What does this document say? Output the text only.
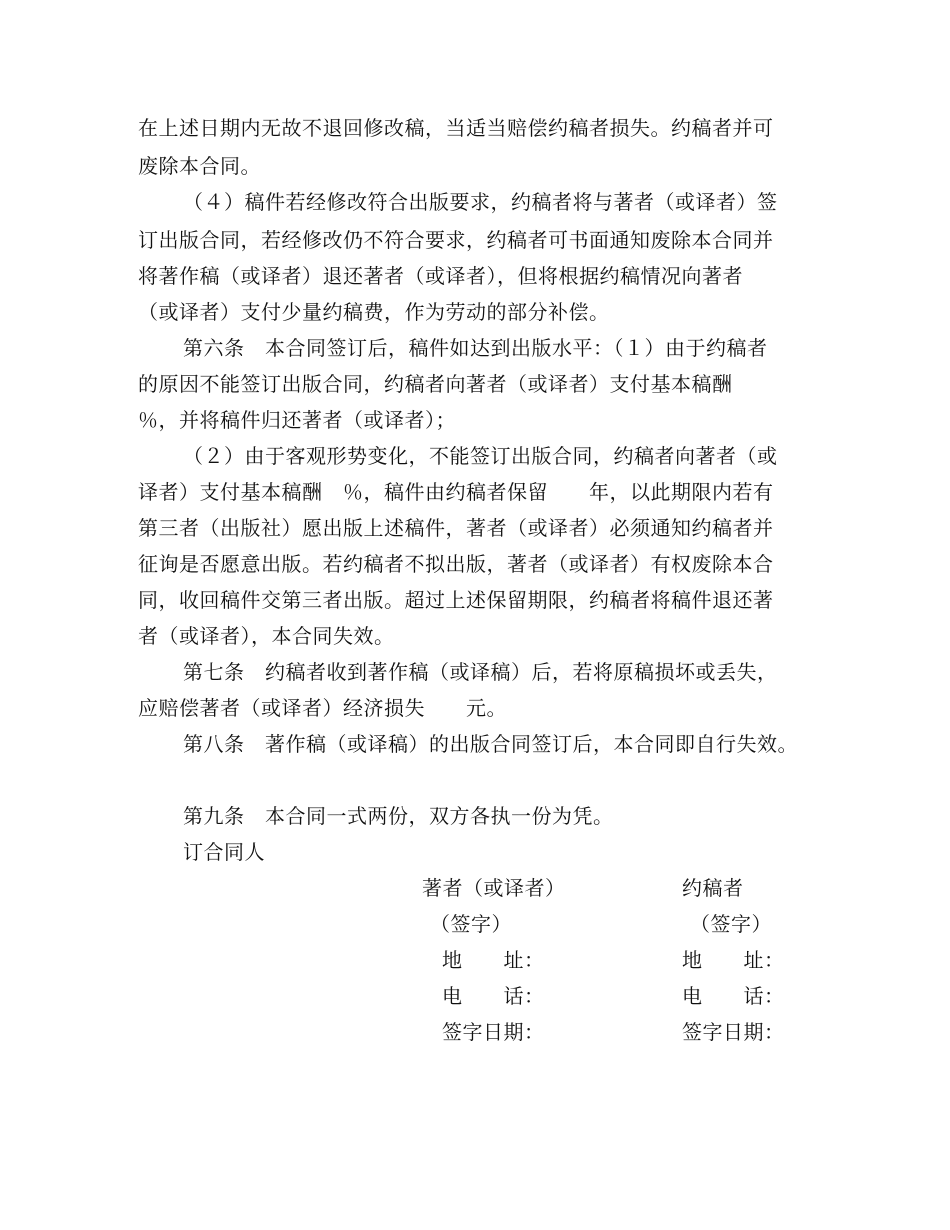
在上述日期内无故不退回修改稿，当适当赔偿约稿者损失。约稿者并可
废除本合同。
（４）稿件若经修改符合出版要求，约稿者将与著者（或译者）签
订出版合同，若经修改仍不符合要求，约稿者可书面通知废除本合同并
将著作稿（或译者）退还著者（或译者），但将根据约稿情况向著者
（或译者）支付少量约稿费，作为劳动的部分补偿。
第六条　本合同签订后，稿件如达到出版水平：（１）由于约稿者
的原因不能签订出版合同，约稿者向著者（或译者）支付基本稿酬
％，并将稿件归还著者（或译者）；
（２）由于客观形势变化，不能签订出版合同，约稿者向著者（或
译者）支付基本稿酬　％，稿件由约稿者保留　　年，以此期限内若有
第三者（出版社）愿出版上述稿件，著者（或译者）必须通知约稿者并
征询是否愿意出版。若约稿者不拟出版，著者（或译者）有权废除本合
同，收回稿件交第三者出版。超过上述保留期限，约稿者将稿件退还著
者（或译者），本合同失效。
第七条　约稿者收到著作稿（或译稿）后，若将原稿损坏或丢失，
应赔偿著者（或译者）经济损失　　元。
第八条　著作稿（或译稿）的出版合同签订后，本合同即自行失效。
第九条　本合同一式两份，双方各执一份为凭。
订合同人
著者（或译者）	约稿者
（签字）	（签字）
地　　址：	地　　址：
电　　话：	电　　话：
签字日期：	签字日期：
